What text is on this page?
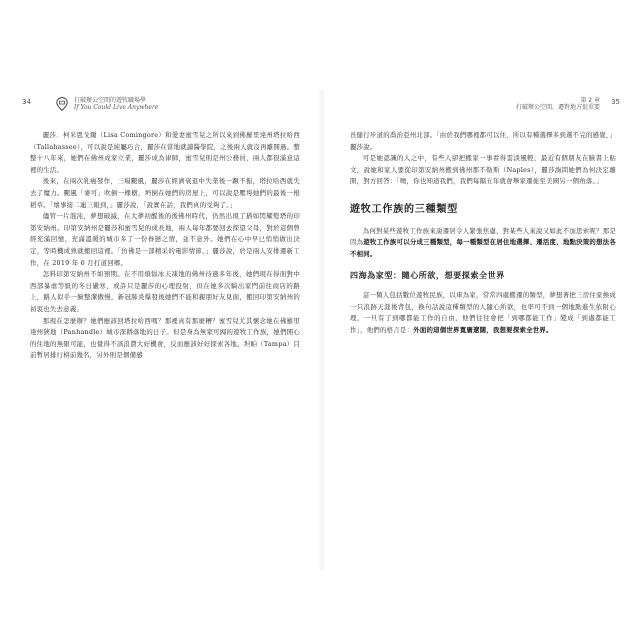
34	打破辦公空間的遊牧職場學
If You Could Live Anywhere

麗莎．柯米恩戈爾（Lisa Comingore）和愛妻蜜雪兒之所以來到佛羅里達州塔拉哈西（Tallahassee），可以說是純屬巧合，麗莎在當地就讀醫學院，之後兩人就沒再離開過。整整十八年來，她們在佛州成家立業，麗莎成為律師，蜜雪兒則是州公務員，兩人都很滿意這裡的生活。

後來，在兩次乳癌發作，三場颶風，麗莎在經濟衰退中失業後一蹶不振，塔拉哈西就失去了魔力。颶風「麥可」吹倒一棵樹，坍倒在她們的房屋上，可以說是壓垮她們的最後一根稻草。「壞事接二連三報到，」麗莎說，「說實在話，我們真的受夠了。」

儘管一片混沌，夢想破滅，在大夢初醒後的後佛州時代，仍然出現了猶如閃耀燈塔的印第安納州。印第安納州是麗莎和蜜雪兒的成長地，兩人每年都要回去探望父母，對於這個曾經充滿回憶、充滿溫暖的城市多了一份眷戀之情，並不意外。她們在心中早已悄悄做出決定，等時機成熟就搬回這裡。「仿佛是一部精采的電影情節，」麗莎說，於是兩人安排遷新工作，在 2019 年 6 月打道回鄉。

怎料印第安納州不如預期。在不用煩惱冰天凍地的佛州待過多年後，她們現在得面對中西部暴虐等級的冬日嚴寒，或許只是麗莎的心理投射，但在她多次騎出家門前往商店的路上，路人似乎一臉整潔傲慢，新冠肺炎爆發後她們不能和親朋好友見面，搬回印第安納州的初衷也失去意義。

那現在怎麼辦？她們應該回塔拉哈西嗎？那裡真有那麼糟？蜜雪兒尤其懷念她在佛羅里達州狹地（Panhandle）城市深耕落地的日子。但是身為無家可歸的遊牧工作族，她們開心的住地的無限可能，也覺得不該浪費大好機會，反而應該好好探索各地。坦帕（Tampa）目前暫居排行榜前幾名，另外則是個備感

第 2 章
打破辦公空間，遷對地方很重要
35

長健行步道的喬治亞州北部。「由於我們哪裡都可以住，所以有種選擇多到選不完的感覺，」麗莎說。

可是她認識的人之中，有些人卻把搬家一事看得雲淡風輕，最近有個朋友在臉書上貼文，說她和家人要從印第安納州搬到佛州那不勒斯（Naples），麗莎詢問她們為何決定離開，對方回答：「噢，你也知道我們，我們每隔五年就會舉家遷徙至美國另一個角落。」

遊牧工作族的三種類型

為何對某些遊牧工作族來說遷居令人緊張焦慮，對某些人來說又如此不加思索呢？那是因為遊牧工作族可以分成三種類型，每一種類型在居住地選擇、遷活度、地點決策的想法各不相同。

四海為家型：隨心所欲，想要探索全世界

這一類人包括數位遊牧民族，以車為家，常常四處搬遷的類型，夢想著把三房住家換成一只浪跡天涯後背包，換句話說這種類型的人隨心所欲，也率可不到一個地點進生依附心理，一旦有了到哪都能工作的自由，他們往往會把「到哪都能工作」變成「到處都能工作」，他們的格言是：外面的這個世界寬廣遼闊，我想要探索全世界。
